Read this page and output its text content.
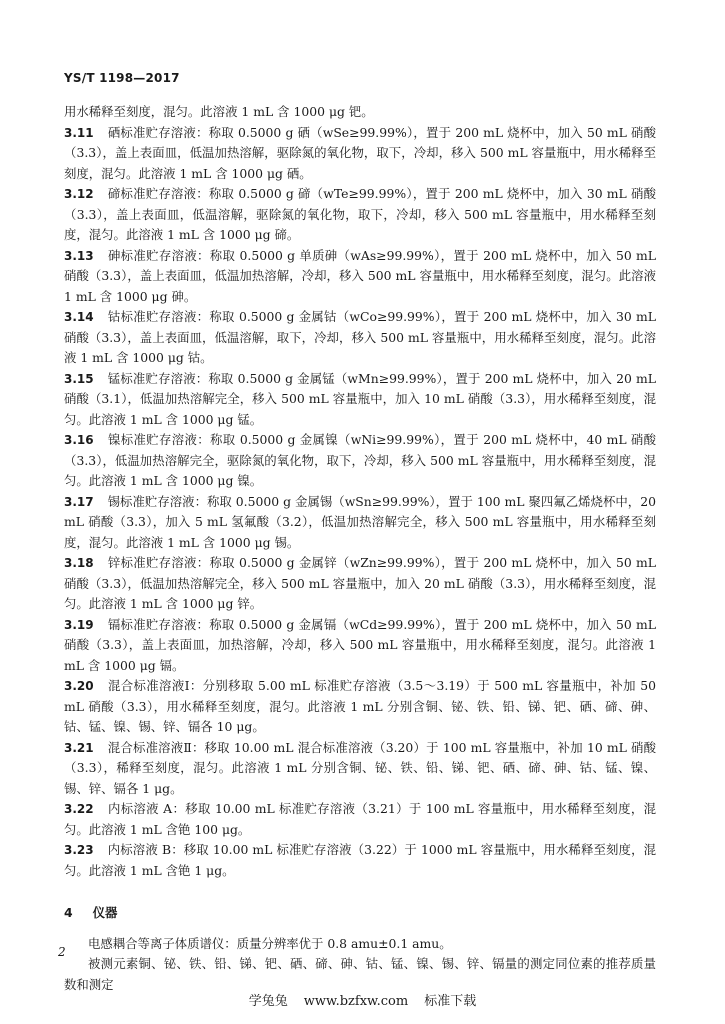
YS/T 1198—2017

用水稀释至刻度，混匀。此溶液 1 mL 含 1000 μg 钯。

3.11 硒标准贮存溶液：称取 0.5000 g 硒（wSe≥99.99%），置于 200 mL 烧杯中，加入 50 mL 硝酸（3.3），盖上表面皿，低温加热溶解，驱除氮的氧化物，取下，冷却，移入 500 mL 容量瓶中，用水稀释至刻度，混匀。此溶液 1 mL 含 1000 μg 硒。

3.12 碲标准贮存溶液：称取 0.5000 g 碲（wTe≥99.99%），置于 200 mL 烧杯中，加入 30 mL 硝酸（3.3），盖上表面皿，低温溶解，驱除氮的氧化物，取下，冷却，移入 500 mL 容量瓶中，用水稀释至刻度，混匀。此溶液 1 mL 含 1000 μg 碲。

3.13 砷标准贮存溶液：称取 0.5000 g 单质砷（wAs≥99.99%），置于 200 mL 烧杯中，加入 50 mL 硝酸（3.3），盖上表面皿，低温加热溶解，冷却，移入 500 mL 容量瓶中，用水稀释至刻度，混匀。此溶液 1 mL 含 1000 μg 砷。

3.14 钴标准贮存溶液：称取 0.5000 g 金属钴（wCo≥99.99%），置于 200 mL 烧杯中，加入 30 mL 硝酸（3.3），盖上表面皿，低温溶解，取下，冷却，移入 500 mL 容量瓶中，用水稀释至刻度，混匀。此溶液 1 mL 含 1000 μg 钴。

3.15 锰标准贮存溶液：称取 0.5000 g 金属锰（wMn≥99.99%），置于 200 mL 烧杯中，加入 20 mL 硝酸（3.1），低温加热溶解完全，移入 500 mL 容量瓶中，加入 10 mL 硝酸（3.3），用水稀释至刻度，混匀。此溶液 1 mL 含 1000 μg 锰。

3.16 镍标准贮存溶液：称取 0.5000 g 金属镍（wNi≥99.99%），置于 200 mL 烧杯中，40 mL 硝酸（3.3），低温加热溶解完全，驱除氮的氧化物，取下，冷却，移入 500 mL 容量瓶中，用水稀释至刻度，混匀。此溶液 1 mL 含 1000 μg 镍。

3.17 锡标准贮存溶液：称取 0.5000 g 金属锡（wSn≥99.99%），置于 100 mL 聚四氟乙烯烧杯中，20 mL 硝酸（3.3），加入 5 mL 氢氟酸（3.2），低温加热溶解完全，移入 500 mL 容量瓶中，用水稀释至刻度，混匀。此溶液 1 mL 含 1000 μg 锡。

3.18 锌标准贮存溶液：称取 0.5000 g 金属锌（wZn≥99.99%），置于 200 mL 烧杯中，加入 50 mL 硝酸（3.3），低温加热溶解完全，移入 500 mL 容量瓶中，加入 20 mL 硝酸（3.3），用水稀释至刻度，混匀。此溶液 1 mL 含 1000 μg 锌。

3.19 镉标准贮存溶液：称取 0.5000 g 金属镉（wCd≥99.99%），置于 200 mL 烧杯中，加入 50 mL 硝酸（3.3），盖上表面皿，加热溶解，冷却，移入 500 mL 容量瓶中，用水稀释至刻度，混匀。此溶液 1 mL 含 1000 μg 镉。

3.20 混合标准溶液Ⅰ：分别移取 5.00 mL 标准贮存溶液（3.5～3.19）于 500 mL 容量瓶中，补加 50 mL 硝酸（3.3），用水稀释至刻度，混匀。此溶液 1 mL 分别含铜、铋、铁、铅、锑、钯、硒、碲、砷、钴、锰、镍、锡、锌、镉各 10 μg。

3.21 混合标准溶液Ⅱ：移取 10.00 mL 混合标准溶液（3.20）于 100 mL 容量瓶中，补加 10 mL 硝酸（3.3），稀释至刻度，混匀。此溶液 1 mL 分别含铜、铋、铁、铅、锑、钯、硒、碲、砷、钴、锰、镍、锡、锌、镉各 1 μg。

3.22 内标溶液 A：移取 10.00 mL 标准贮存溶液（3.21）于 100 mL 容量瓶中，用水稀释至刻度，混匀。此溶液 1 mL 含铯 100 μg。

3.23 内标溶液 B：移取 10.00 mL 标准贮存溶液（3.22）于 1000 mL 容量瓶中，用水稀释至刻度，混匀。此溶液 1 mL 含铯 1 μg。

4 仪器

电感耦合等离子体质谱仪：质量分辨率优于 0.8 amu±0.1 amu。

被测元素铜、铋、铁、铅、锑、钯、硒、碲、砷、钴、锰、镍、锡、锌、镉量的测定同位素的推荐质量数和测定

2
学兔兔 www.bzfxw.com 标准下载
